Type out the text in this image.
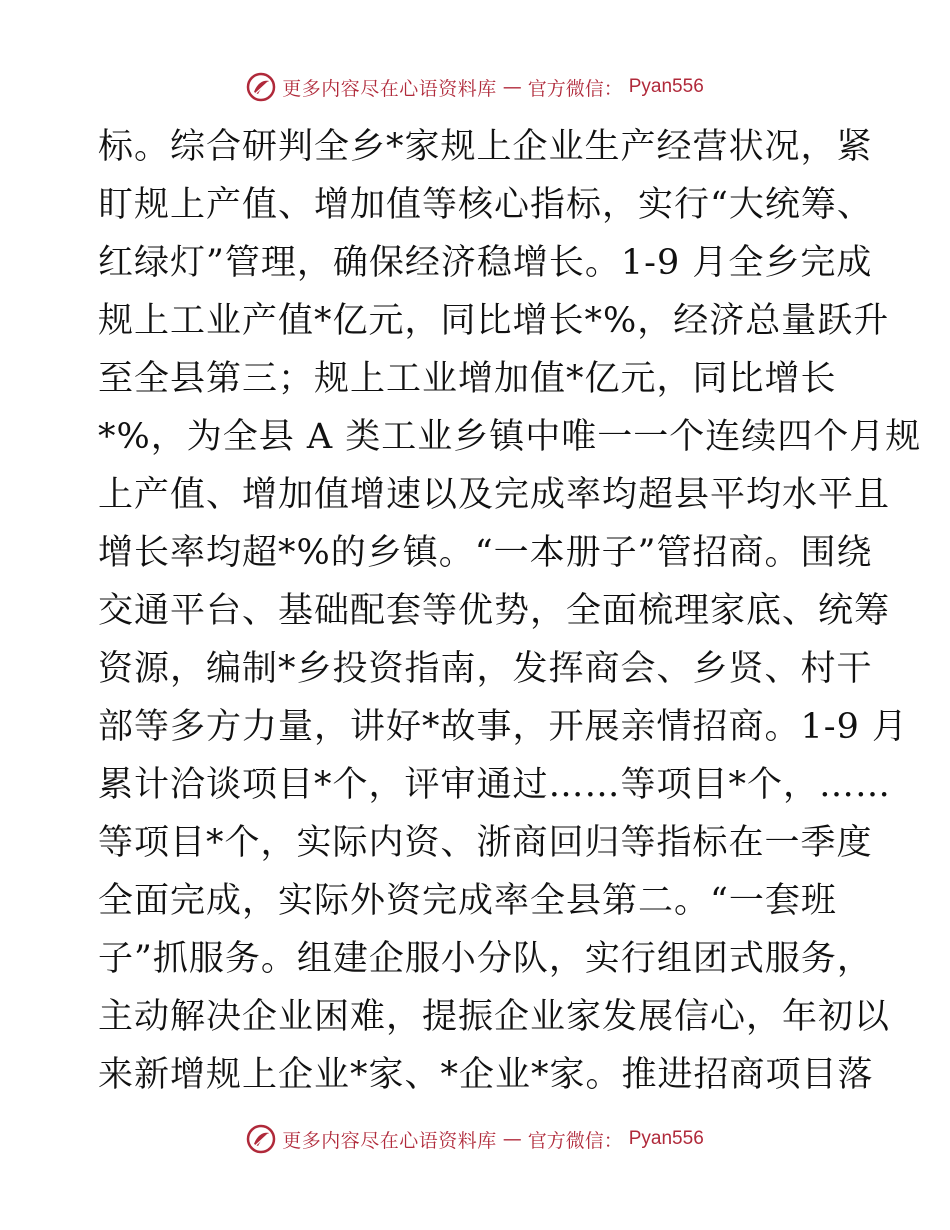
更多内容尽在心语资料库 — 官方微信： Pyan556
标。综合研判全乡*家规上企业生产经营状况，紧
盯规上产值、增加值等核心指标，实行“大统筹、
红绿灯”管理，确保经济稳增长。1-9 月全乡完成
规上工业产值*亿元，同比增长*%，经济总量跃升
至全县第三；规上工业增加值*亿元，同比增长
*%，为全县 A 类工业乡镇中唯一一个连续四个月规
上产值、增加值增速以及完成率均超县平均水平且
增长率均超*%的乡镇。“一本册子”管招商。围绕
交通平台、基础配套等优势，全面梳理家底、统筹
资源，编制*乡投资指南，发挥商会、乡贤、村干
部等多方力量，讲好*故事，开展亲情招商。1-9 月
累计洽谈项目*个，评审通过……等项目*个，……
等项目*个，实际内资、浙商回归等指标在一季度
全面完成，实际外资完成率全县第二。“一套班
子”抓服务。组建企服小分队，实行组团式服务，
主动解决企业困难，提振企业家发展信心，年初以
来新增规上企业*家、*企业*家。推进招商项目落
更多内容尽在心语资料库 — 官方微信： Pyan556
